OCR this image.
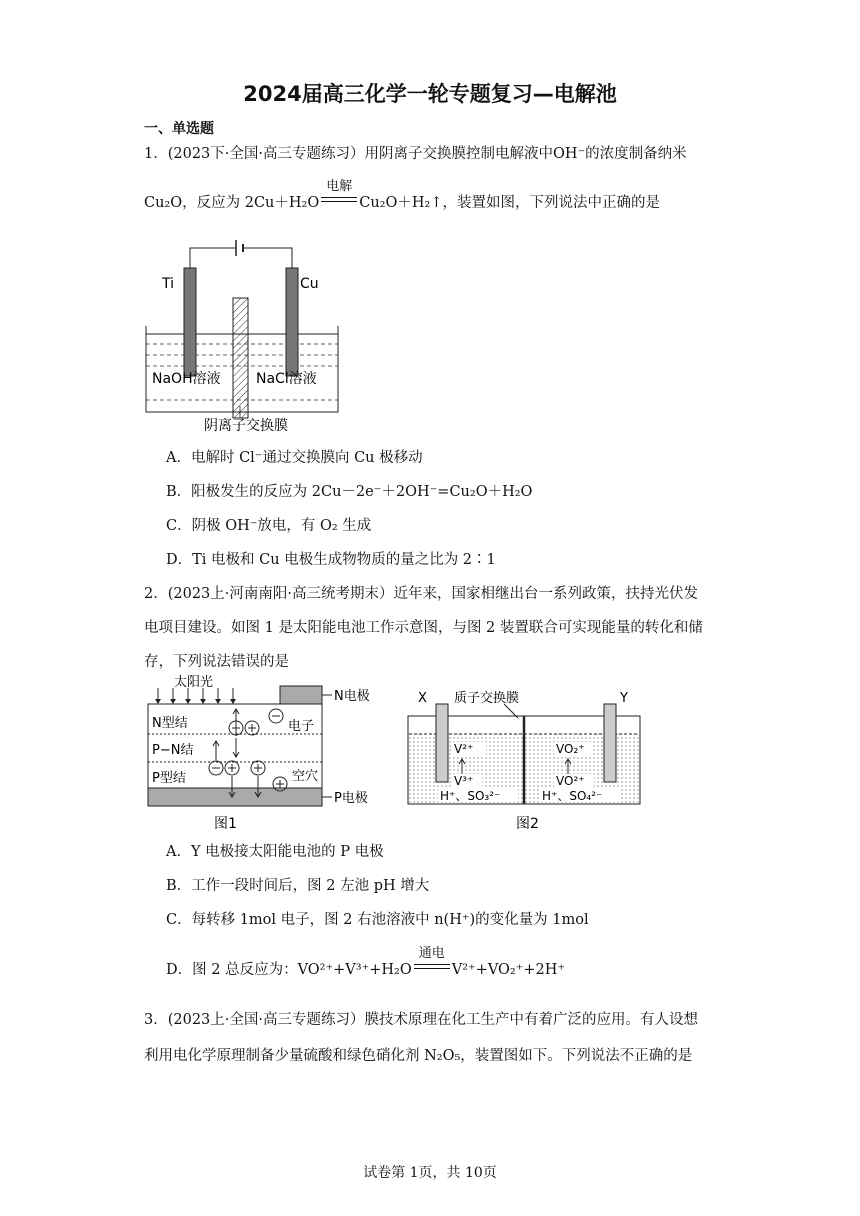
2024届高三化学一轮专题复习—电解池
一、单选题
1．(2023下·全国·高三专题练习）用阴离子交换膜控制电解液中OH⁻的浓度制备纳米
Cu₂O，反应为 2Cu＋H₂O
电解
Cu₂O＋H₂↑，装置如图，下列说法中正确的是
Ti	Cu
NaOH溶液	NaCl溶液
阴离子交换膜
A．电解时 Cl⁻通过交换膜向 Cu 极移动
B．阳极发生的反应为 2Cu－2e⁻＋2OH⁻=Cu₂O＋H₂O
C．阴极 OH⁻放电，有 O₂ 生成
D．Ti 电极和 Cu 电极生成物物质的量之比为 2∶1
2．(2023上·河南南阳·高三统考期末）近年来，国家相继出台一系列政策，扶持光伏发
电项目建设。如图 1 是太阳能电池工作示意图，与图 2 装置联合可实现能量的转化和储
存，下列说法错误的是
太阳光
N电极
P电极
N型结
P−N结
P型结
电子
空穴
图1
X	Y
质子交换膜
V²⁺
V³⁺
H⁺、SO₃²⁻
VO₂⁺
VO²⁺
H⁺、SO₄²⁻
图2
A．Y 电极接太阳能电池的 P 电极
B．工作一段时间后，图 2 左池 pH 增大
C．每转移 1mol 电子，图 2 右池溶液中 n(H⁺)的变化量为 1mol
D．图 2 总反应为：VO²⁺+V³⁺+H₂O
通电
V²⁺+VO₂⁺+2H⁺
3．(2023上·全国·高三专题练习）膜技术原理在化工生产中有着广泛的应用。有人设想
利用电化学原理制备少量硫酸和绿色硝化剂 N₂O₅，装置图如下。下列说法不正确的是
试卷第 1页，共 10页
